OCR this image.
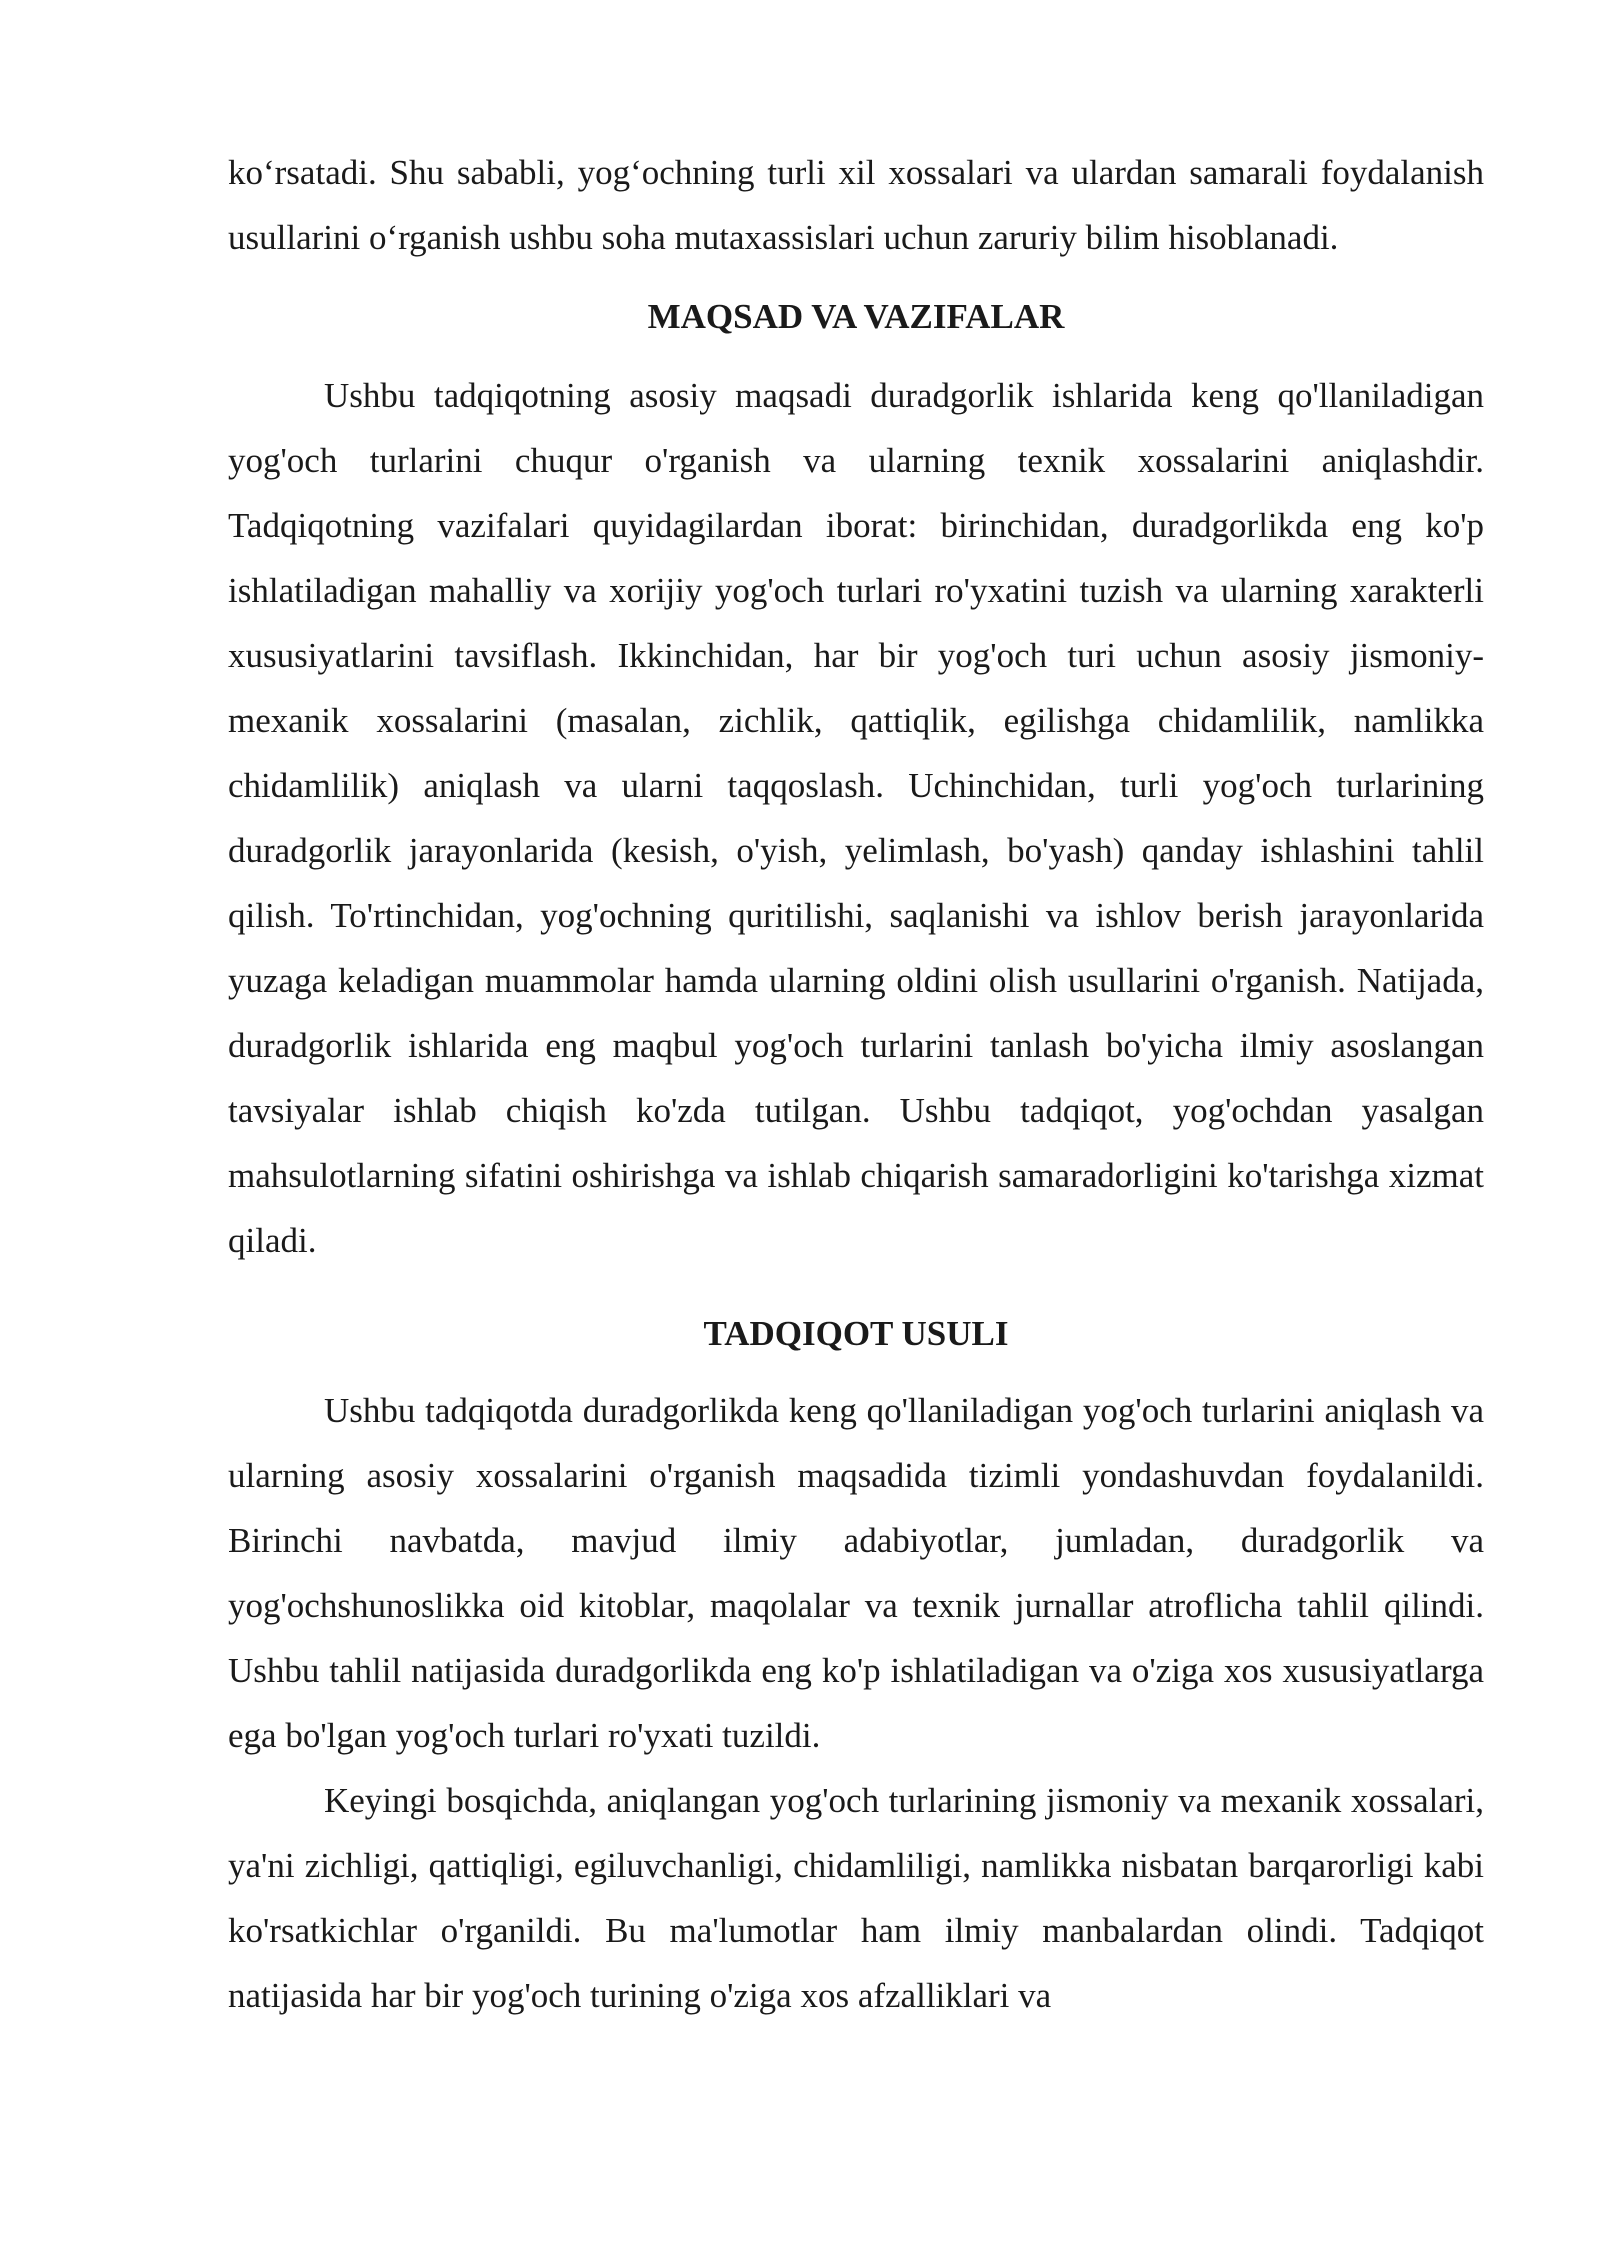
ko‘rsatadi. Shu sababli, yog‘ochning turli xil xossalari va ulardan samarali foydalanish usullarini o‘rganish ushbu soha mutaxassislari uchun zaruriy bilim hisoblanadi.

MAQSAD VA VAZIFALAR

Ushbu tadqiqotning asosiy maqsadi duradgorlik ishlarida keng qo'llaniladigan yog'och turlarini chuqur o'rganish va ularning texnik xossalarini aniqlashdir. Tadqiqotning vazifalari quyidagilardan iborat: birinchidan, duradgorlikda eng ko'p ishlatiladigan mahalliy va xorijiy yog'och turlari ro'yxatini tuzish va ularning xarakterli xususiyatlarini tavsiflash. Ikkinchidan, har bir yog'och turi uchun asosiy jismoniy-mexanik xossalarini (masalan, zichlik, qattiqlik, egilishga chidamlilik, namlikka chidamlilik) aniqlash va ularni taqqoslash. Uchinchidan, turli yog'och turlarining duradgorlik jarayonlarida (kesish, o'yish, yelimlash, bo'yash) qanday ishlashini tahlil qilish. To'rtinchidan, yog'ochning quritilishi, saqlanishi va ishlov berish jarayonlarida yuzaga keladigan muammolar hamda ularning oldini olish usullarini o'rganish. Natijada, duradgorlik ishlarida eng maqbul yog'och turlarini tanlash bo'yicha ilmiy asoslangan tavsiyalar ishlab chiqish ko'zda tutilgan. Ushbu tadqiqot, yog'ochdan yasalgan mahsulotlarning sifatini oshirishga va ishlab chiqarish samaradorligini ko'tarishga xizmat qiladi.

TADQIQOT USULI

Ushbu tadqiqotda duradgorlikda keng qo'llaniladigan yog'och turlarini aniqlash va ularning asosiy xossalarini o'rganish maqsadida tizimli yondashuvdan foydalanildi. Birinchi navbatda, mavjud ilmiy adabiyotlar, jumladan, duradgorlik va yog'ochshunoslikka oid kitoblar, maqolalar va texnik jurnallar atroflicha tahlil qilindi. Ushbu tahlil natijasida duradgorlikda eng ko'p ishlatiladigan va o'ziga xos xususiyatlarga ega bo'lgan yog'och turlari ro'yxati tuzildi.

Keyingi bosqichda, aniqlangan yog'och turlarining jismoniy va mexanik xossalari, ya'ni zichligi, qattiqligi, egiluvchanligi, chidamliligi, namlikka nisbatan barqarorligi kabi ko'rsatkichlar o'rganildi. Bu ma'lumotlar ham ilmiy manbalardan olindi. Tadqiqot natijasida har bir yog'och turining o'ziga xos afzalliklari va
